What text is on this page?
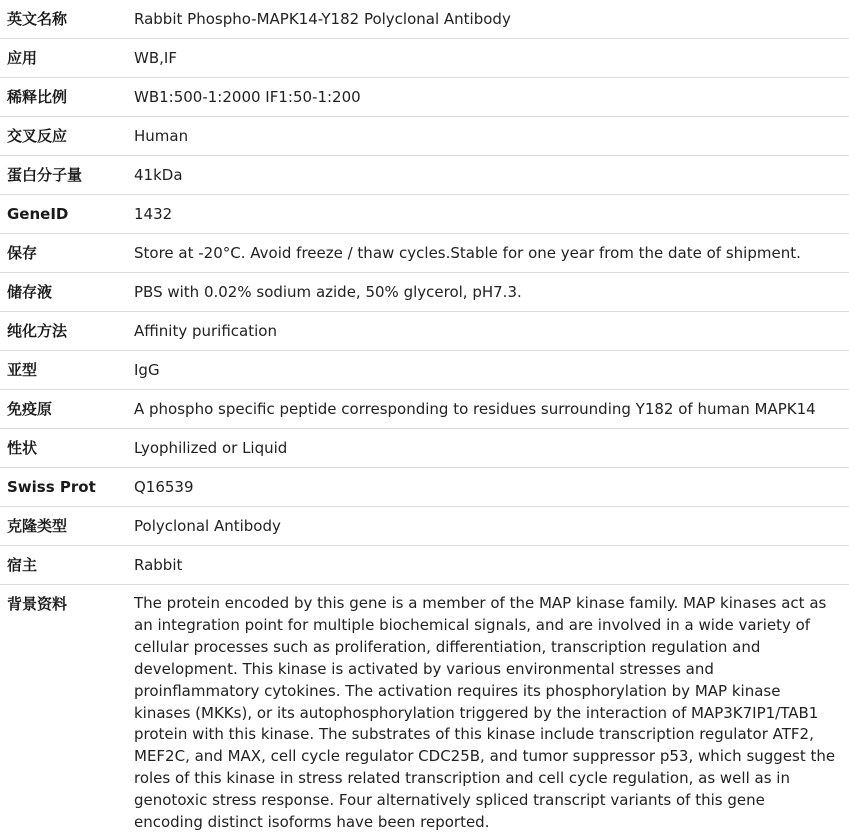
英文名称	Rabbit Phospho-MAPK14-Y182 Polyclonal Antibody
应用	WB,IF
稀释比例	WB1:500-1:2000 IF1:50-1:200
交叉反应	Human
蛋白分子量	41kDa
GeneID	1432
保存	Store at -20°C. Avoid freeze / thaw cycles.Stable for one year from the date of shipment.
储存液	PBS with 0.02% sodium azide, 50% glycerol, pH7.3.
纯化方法	Affinity purification
亚型	IgG
免疫原	A phospho specific peptide corresponding to residues surrounding Y182 of human MAPK14
性状	Lyophilized or Liquid
Swiss Prot	Q16539
克隆类型	Polyclonal Antibody
宿主	Rabbit
背景资料	The protein encoded by this gene is a member of the MAP kinase family. MAP kinases act as an integration point for multiple biochemical signals, and are involved in a wide variety of cellular processes such as proliferation, differentiation, transcription regulation and development. This kinase is activated by various environmental stresses and proinflammatory cytokines. The activation requires its phosphorylation by MAP kinase kinases (MKKs), or its autophosphorylation triggered by the interaction of MAP3K7IP1/TAB1 protein with this kinase. The substrates of this kinase include transcription regulator ATF2, MEF2C, and MAX, cell cycle regulator CDC25B, and tumor suppressor p53, which suggest the roles of this kinase in stress related transcription and cell cycle regulation, as well as in genotoxic stress response. Four alternatively spliced transcript variants of this gene encoding distinct isoforms have been reported.
